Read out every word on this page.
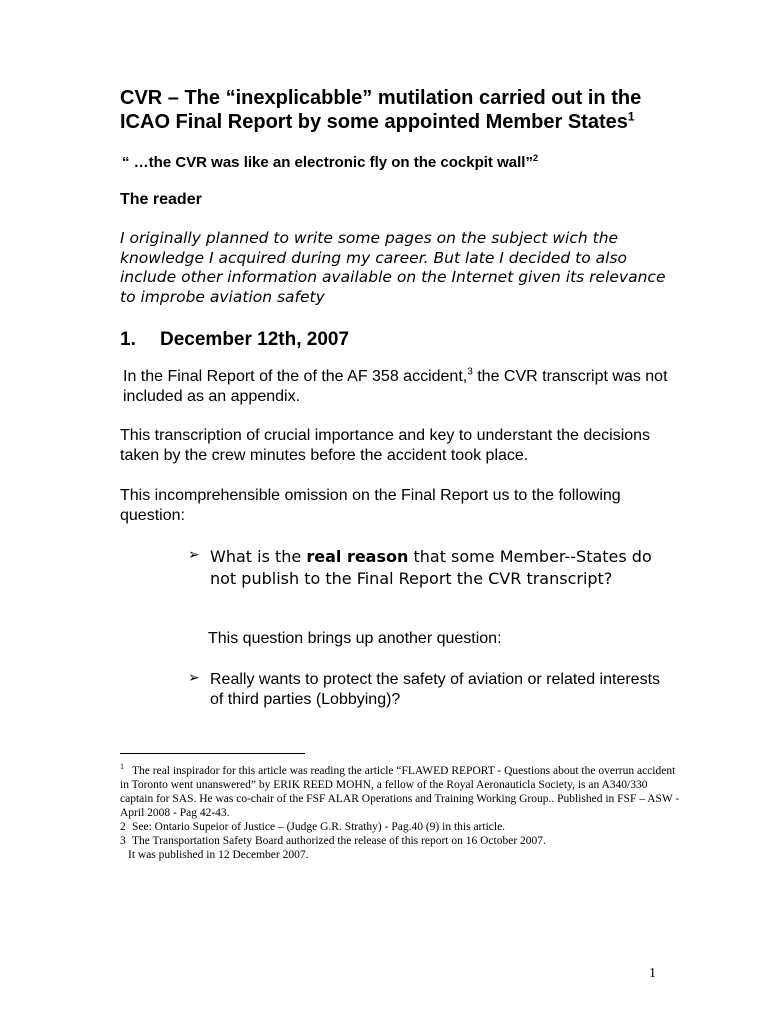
CVR – The “inexplicabble” mutilation carried out in the ICAO Final Report by some appointed Member States$^1$
“ …the CVR was like an electronic fly on the cockpit wall”$^2$
The reader

I originally planned to write some pages on the subject wich the knowledge I acquired during my career. But late I decided to also include other information available on the Internet given its relevance to improbe aviation safety

1. December 12th, 2007

In the Final Report of the of the AF 358 accident,$^3$ the CVR transcript was not included as an appendix.

This transcription of crucial importance and key to understant the decisions taken by the crew minutes before the accident took place.

This incomprehensible omission on the Final Report us to the following question:

➢ What is the real reason that some Member--States do not publish to the Final Report the CVR transcript?

This question brings up another question:
➢ Really wants to protect the safety of aviation or related interests of third parties (Lobbying)?

$^1$ The real inspirador for this article was reading the article “FLAWED REPORT - Questions about the overrun accident in Toronto went unanswered” by ERIK REED MOHN, a fellow of the Royal Aeronauticla Society, is an A340/330 captain for SAS. He was co-chair of the FSF ALAR Operations and Training Working Group.. Published in FSF – ASW - April 2008 - Pag 42-43.

2 See: Ontario Supeior of Justice – (Judge G.R. Strathy) - Pag.40 (9) in this article.

3 The Transportation Safety Board authorized the release of this report on 16 October 2007.

It was published in 12 December 2007.

1
